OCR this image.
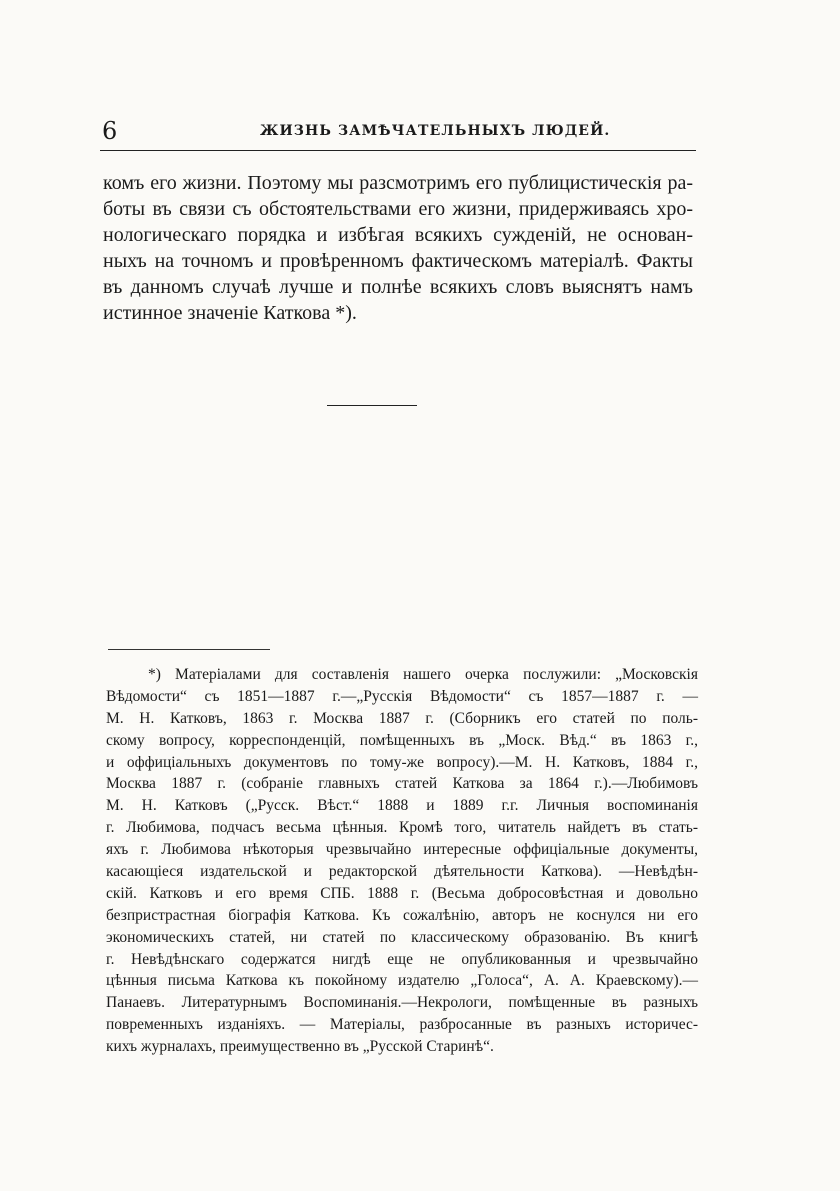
6	ЖИЗНЬ ЗАМѢЧАТЕЛЬНЫХЪ ЛЮДЕЙ.
комъ его жизни. Поэтому мы разсмотримъ его публицистическія ра-
боты въ связи съ обстоятельствами его жизни, придерживаясь хро-
нологическаго порядка и избѣгая всякихъ сужденій, не основан-
ныхъ на точномъ и провѣренномъ фактическомъ матеріалѣ. Факты
въ данномъ случаѣ лучше и полнѣе всякихъ словъ выяснятъ намъ
истинное значеніе Каткова *).
*) Матеріалами для составленія нашего очерка послужили: „Московскія
Вѣдомости“ съ 1851—1887 г.—„Русскія Вѣдомости“ съ 1857—1887 г. —
М. Н. Катковъ, 1863 г. Москва 1887 г. (Сборникъ его статей по поль-
скому вопросу, корреспонденцій, помѣщенныхъ въ „Моск. Вѣд.“ въ 1863 г.,
и оффиціальныхъ документовъ по тому-же вопросу).—М. Н. Катковъ, 1884 г.,
Москва 1887 г. (собраніе главныхъ статей Каткова за 1864 г.).—Любимовъ
М. Н. Катковъ („Русск. Вѣст.“ 1888 и 1889 г.г. Личныя воспоминанія
г. Любимова, подчасъ весьма цѣнныя. Кромѣ того, читатель найдетъ въ стать-
яхъ г. Любимова нѣкоторыя чрезвычайно интересные оффиціальные документы,
касающіеся издательской и редакторской дѣятельности Каткова). —Невѣдѣн-
скій. Катковъ и его время СПБ. 1888 г. (Весьма добросовѣстная и довольно
безпристрастная біографія Каткова. Къ сожалѣнію, авторъ не коснулся ни его
экономическихъ статей, ни статей по классическому образованію. Въ книгѣ
г. Невѣдѣнскаго содержатся нигдѣ еще не опубликованныя и чрезвычайно
цѣнныя письма Каткова къ покойному издателю „Голоса“, А. А. Краевскому).—
Панаевъ. Литературнымъ Воспоминанія.—Некрологи, помѣщенные въ разныхъ
повременныхъ изданіяхъ. — Матеріалы, разбросанные въ разныхъ историчес-
кихъ журналахъ, преимущественно въ „Русской Старинѣ“.
